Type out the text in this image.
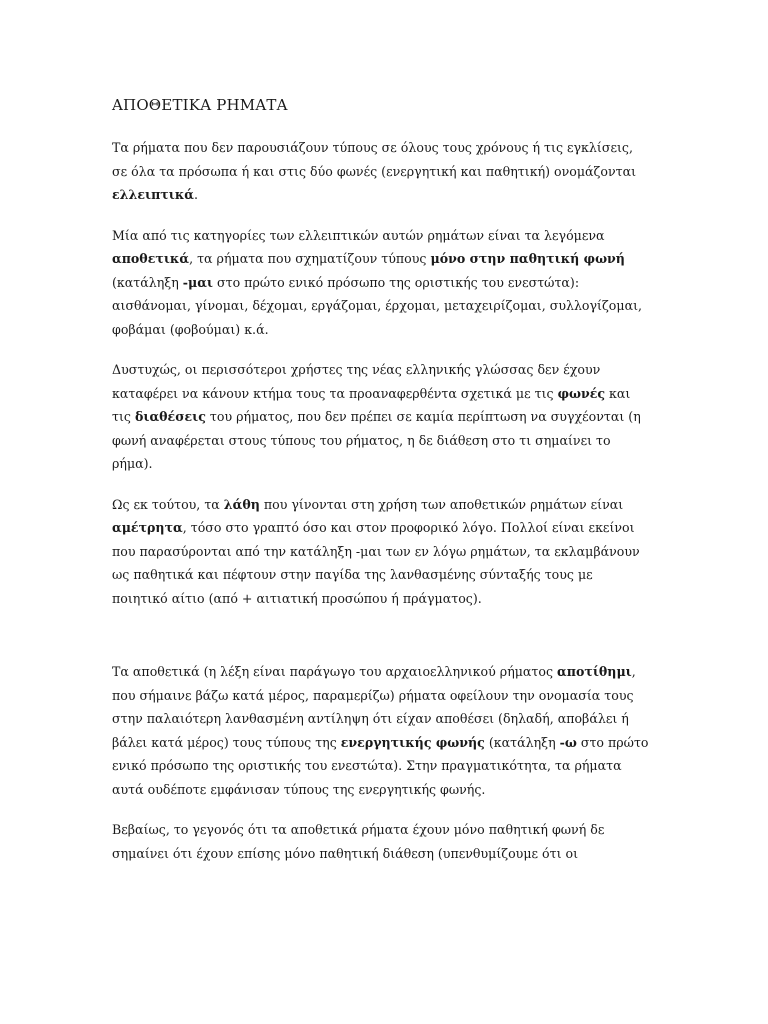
ΑΠΟΘΕΤΙΚΑ ΡΗΜΑΤΑ

Τα ρήματα που δεν παρουσιάζουν τύπους σε όλους τους χρόνους ή τις εγκλίσεις, σε όλα τα πρόσωπα ή και στις δύο φωνές (ενεργητική και παθητική) ονομάζονται ελλειπτικά.

Μία από τις κατηγορίες των ελλειπτικών αυτών ρημάτων είναι τα λεγόμενα αποθετικά, τα ρήματα που σχηματίζουν τύπους μόνο στην παθητική φωνή (κατάληξη -μαι στο πρώτο ενικό πρόσωπο της οριστικής του ενεστώτα): αισθάνομαι, γίνομαι, δέχομαι, εργάζομαι, έρχομαι, μεταχειρίζομαι, συλλογίζομαι, φοβάμαι (φοβούμαι) κ.ά.

Δυστυχώς, οι περισσότεροι χρήστες της νέας ελληνικής γλώσσας δεν έχουν καταφέρει να κάνουν κτήμα τους τα προαναφερθέντα σχετικά με τις φωνές και τις διαθέσεις του ρήματος, που δεν πρέπει σε καμία περίπτωση να συγχέονται (η φωνή αναφέρεται στους τύπους του ρήματος, η δε διάθεση στο τι σημαίνει το ρήμα).

Ως εκ τούτου, τα λάθη που γίνονται στη χρήση των αποθετικών ρημάτων είναι αμέτρητα, τόσο στο γραπτό όσο και στον προφορικό λόγο. Πολλοί είναι εκείνοι που παρασύρονται από την κατάληξη -μαι των εν λόγω ρημάτων, τα εκλαμβάνουν ως παθητικά και πέφτουν στην παγίδα της λανθασμένης σύνταξής τους με ποιητικό αίτιο (από + αιτιατική προσώπου ή πράγματος).

Τα αποθετικά (η λέξη είναι παράγωγο του αρχαιοελληνικού ρήματος αποτίθημι, που σήμαινε βάζω κατά μέρος, παραμερίζω) ρήματα οφείλουν την ονομασία τους στην παλαιότερη λανθασμένη αντίληψη ότι είχαν αποθέσει (δηλαδή, αποβάλει ή βάλει κατά μέρος) τους τύπους της ενεργητικής φωνής (κατάληξη -ω στο πρώτο ενικό πρόσωπο της οριστικής του ενεστώτα). Στην πραγματικότητα, τα ρήματα αυτά ουδέποτε εμφάνισαν τύπους της ενεργητικής φωνής.

Βεβαίως, το γεγονός ότι τα αποθετικά ρήματα έχουν μόνο παθητική φωνή δε σημαίνει ότι έχουν επίσης μόνο παθητική διάθεση (υπενθυμίζουμε ότι οι
